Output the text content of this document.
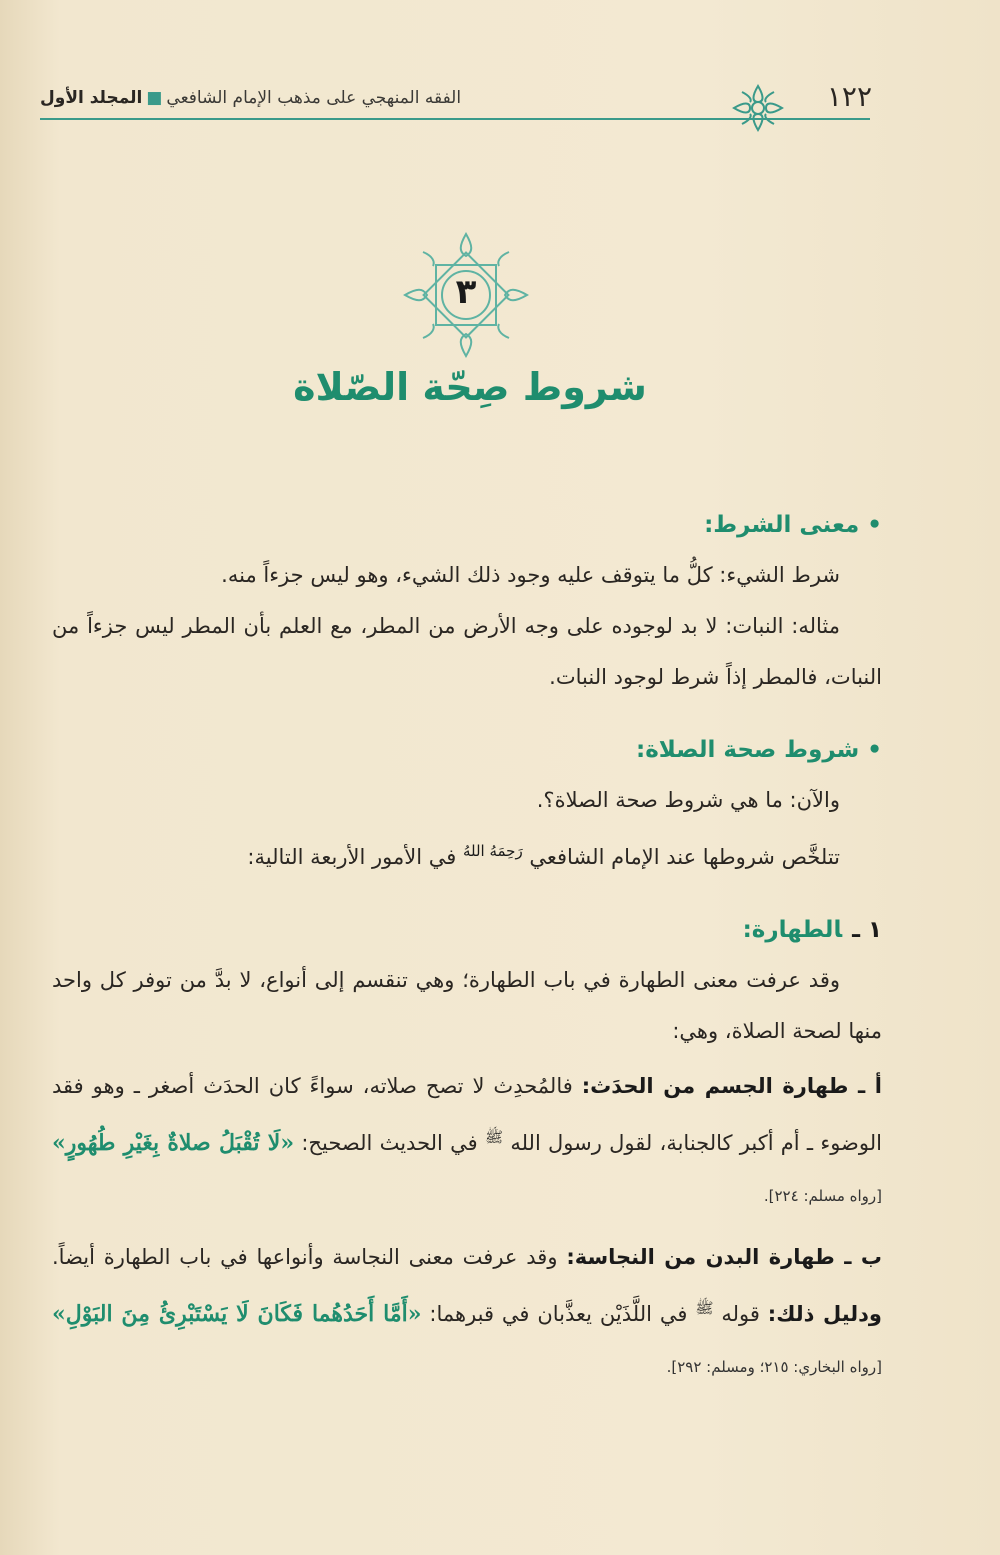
١٢٢
الفقه المنهجي على مذهب الإمام الشافعي■المجلد الأول
٣
شروط صِحّة الصّلاة
•معنى الشرط:

شرط الشيء: كلُّ ما يتوقف عليه وجود ذلك الشيء، وهو ليس جزءاً منه.

مثاله: النبات: لا بد لوجوده على وجه الأرض من المطر، مع العلم بأن المطر ليس جزءاً من النبات، فالمطر إذاً شرط لوجود النبات.

•شروط صحة الصلاة:

والآن: ما هي شروط صحة الصلاة؟.

تتلخَّص شروطها عند الإمام الشافعي $^{رَحِمَهُ اللهُ}$ في الأمور الأربعة التالية:

١ ـالطهارة:

وقد عرفت معنى الطهارة في باب الطهارة؛ وهي تنقسم إلى أنواع، لا بدَّ من توفر كل واحد منها لصحة الصلاة، وهي:

أ ـ طهارة الجسم من الحدَث: فالمُحدِث لا تصح صلاته، سواءً كان الحدَث أصغر ـ وهو فقد الوضوء ـ أم أكبر كالجنابة، لقول رسول الله $^ﷺ$ في الحديث الصحيح: «لَا تُقْبَلُ صلاةٌ بِغَيْرِ طُهُورٍ» [رواه مسلم: ٢٢٤].

ب ـ طهارة البدن من النجاسة: وقد عرفت معنى النجاسة وأنواعها في باب الطهارة أيضاً. ودليل ذلك: قوله $^ﷺ$ في اللَّذَيْن يعذَّبان في قبرهما: «أَمَّا أَحَدُهُما فَكَانَ لَا يَسْتَبْرِئُ مِنَ البَوْلِ» [رواه البخاري: ٢١٥؛ ومسلم: ٢٩٢].
